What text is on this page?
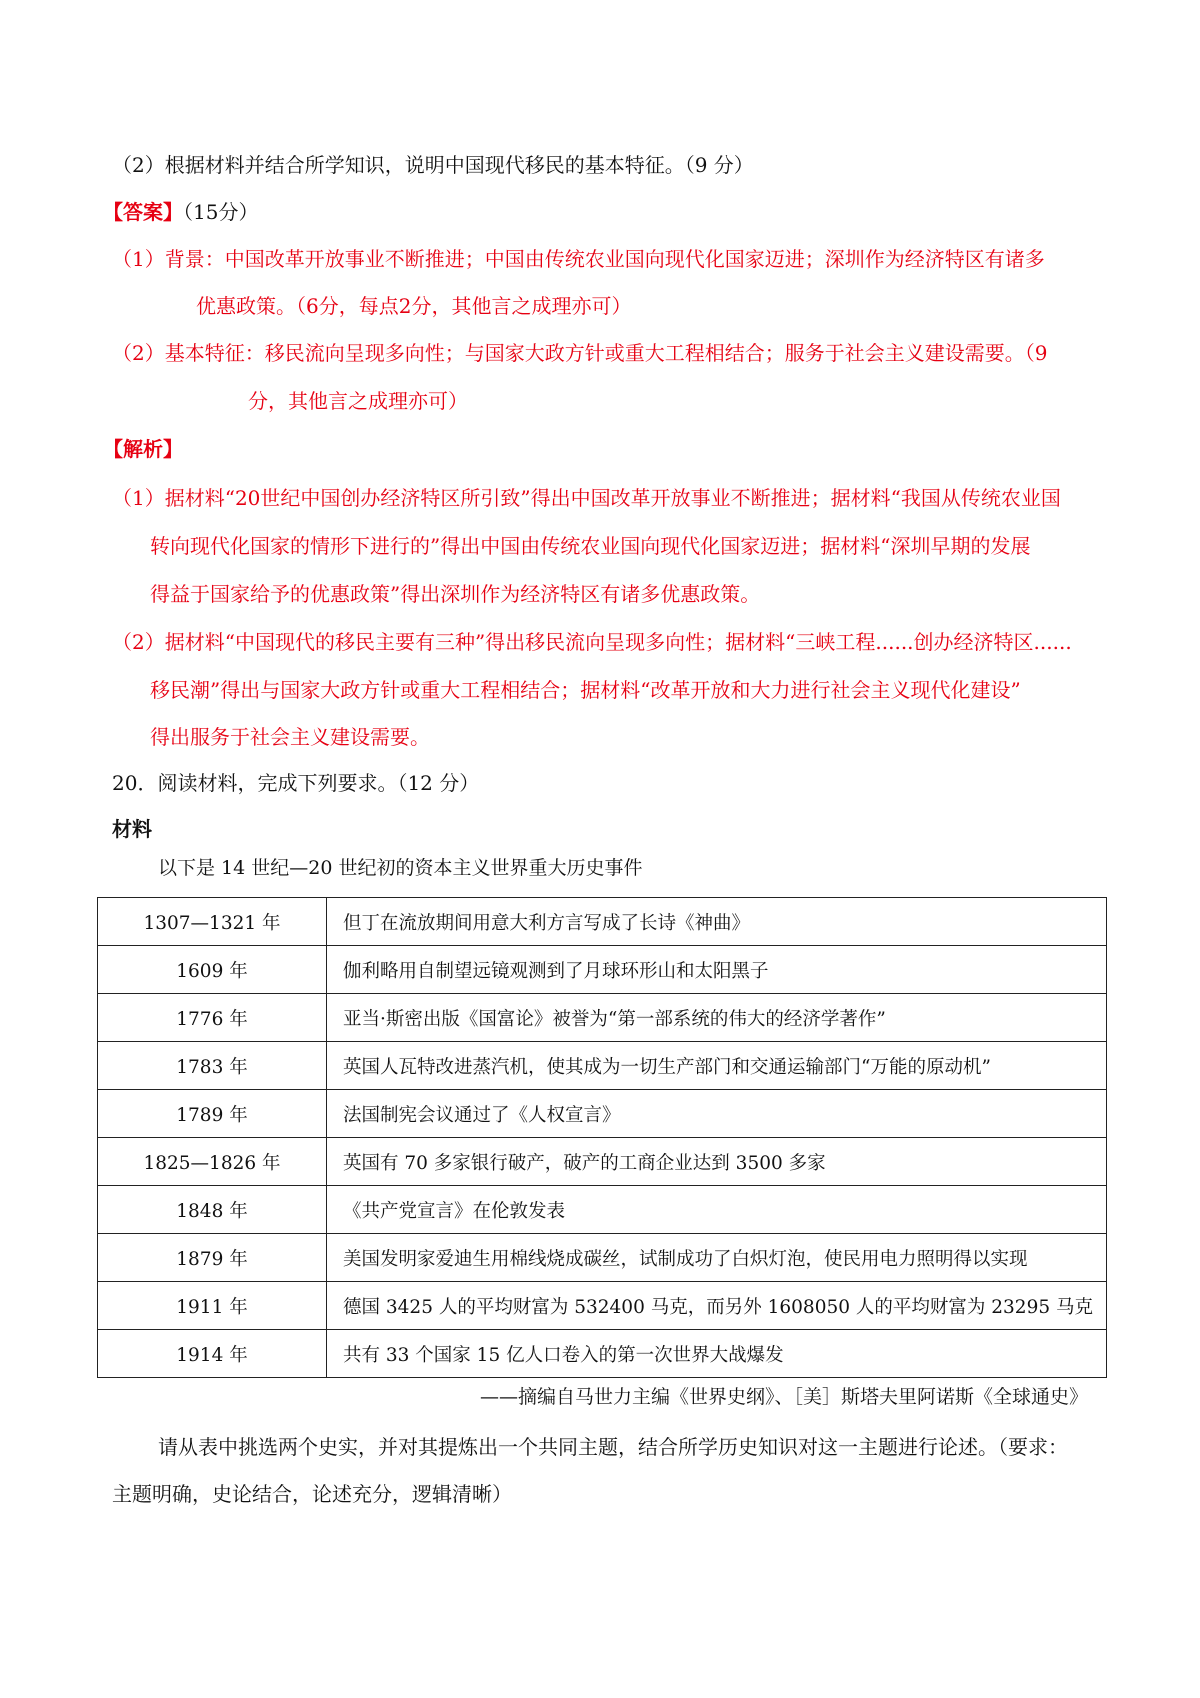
（2）根据材料并结合所学知识，说明中国现代移民的基本特征。（9 分）
【答案】（15分）
（1）背景：中国改革开放事业不断推进；中国由传统农业国向现代化国家迈进；深圳作为经济特区有诸多
优惠政策。（6分，每点2分，其他言之成理亦可）
（2）基本特征：移民流向呈现多向性；与国家大政方针或重大工程相结合；服务于社会主义建设需要。（9
分，其他言之成理亦可）
【解析】
（1）据材料“20世纪中国创办经济特区所引致”得出中国改革开放事业不断推进；据材料“我国从传统农业国
转向现代化国家的情形下进行的”得出中国由传统农业国向现代化国家迈进；据材料“深圳早期的发展
得益于国家给予的优惠政策”得出深圳作为经济特区有诸多优惠政策。
（2）据材料“中国现代的移民主要有三种”得出移民流向呈现多向性；据材料“三峡工程......创办经济特区......
移民潮”得出与国家大政方针或重大工程相结合；据材料“改革开放和大力进行社会主义现代化建设”
得出服务于社会主义建设需要。
20．阅读材料，完成下列要求。（12 分）
材料
以下是 14 世纪—20 世纪初的资本主义世界重大历史事件
1307—1321 年	但丁在流放期间用意大利方言写成了长诗《神曲》
1609 年	伽利略用自制望远镜观测到了月球环形山和太阳黑子
1776 年	亚当·斯密出版《国富论》被誉为“第一部系统的伟大的经济学著作”
1783 年	英国人瓦特改进蒸汽机，使其成为一切生产部门和交通运输部门“万能的原动机”
1789 年	法国制宪会议通过了《人权宣言》
1825—1826 年	英国有 70 多家银行破产，破产的工商企业达到 3500 多家
1848 年	《共产党宣言》在伦敦发表
1879 年	美国发明家爱迪生用棉线烧成碳丝，试制成功了白炽灯泡，使民用电力照明得以实现
1911 年	德国 3425 人的平均财富为 532400 马克，而另外 1608050 人的平均财富为 23295 马克
1914 年	共有 33 个国家 15 亿人口卷入的第一次世界大战爆发
——摘编自马世力主编《世界史纲》、［美］斯塔夫里阿诺斯《全球通史》
请从表中挑选两个史实，并对其提炼出一个共同主题，结合所学历史知识对这一主题进行论述。（要求：
主题明确，史论结合，论述充分，逻辑清晰）
